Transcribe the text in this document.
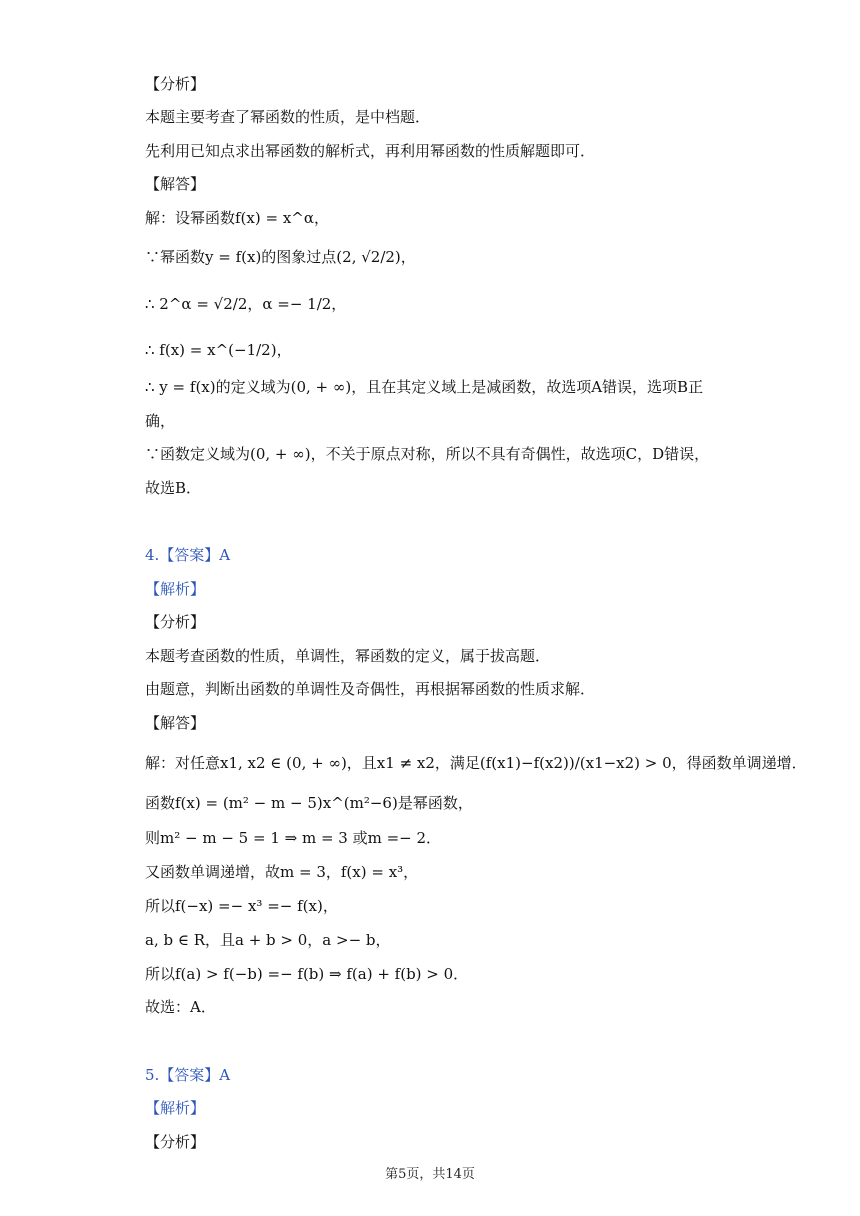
【分析】
本题主要考查了幂函数的性质，是中档题．
先利用已知点求出幂函数的解析式，再利用幂函数的性质解题即可．
【解答】
解：设幂函数f(x) = x^α，
∵幂函数y = f(x)的图象过点(2, √2/2)，
∴ 2^α = √2/2，α =− 1/2，
∴ f(x) = x^(−1/2)，
∴ y = f(x)的定义域为(0, + ∞)，且在其定义域上是减函数，故选项A错误，选项B正
确，
∵函数定义域为(0, + ∞)，不关于原点对称，所以不具有奇偶性，故选项C，D错误，
故选B．
4.【答案】A
【解析】
【分析】
本题考查函数的性质，单调性，幂函数的定义，属于拔高题．
由题意，判断出函数的单调性及奇偶性，再根据幂函数的性质求解．
【解答】
解：对任意x1, x2 ∈ (0, + ∞)，且x1 ≠ x2，满足(f(x1)−f(x2))/(x1−x2) > 0，得函数单调递增．
函数f(x) = (m² − m − 5)x^(m²−6)是幂函数，
则m² − m − 5 = 1 ⇒ m = 3 或m =− 2．
又函数单调递增，故m = 3，f(x) = x³，
所以f(−x) =− x³ =− f(x)，
a, b ∈ R，且a + b > 0，a >− b，
所以f(a) > f(−b) =− f(b) ⇒ f(a) + f(b) > 0．
故选：A．
5.【答案】A
【解析】
【分析】
第5页，共14页
